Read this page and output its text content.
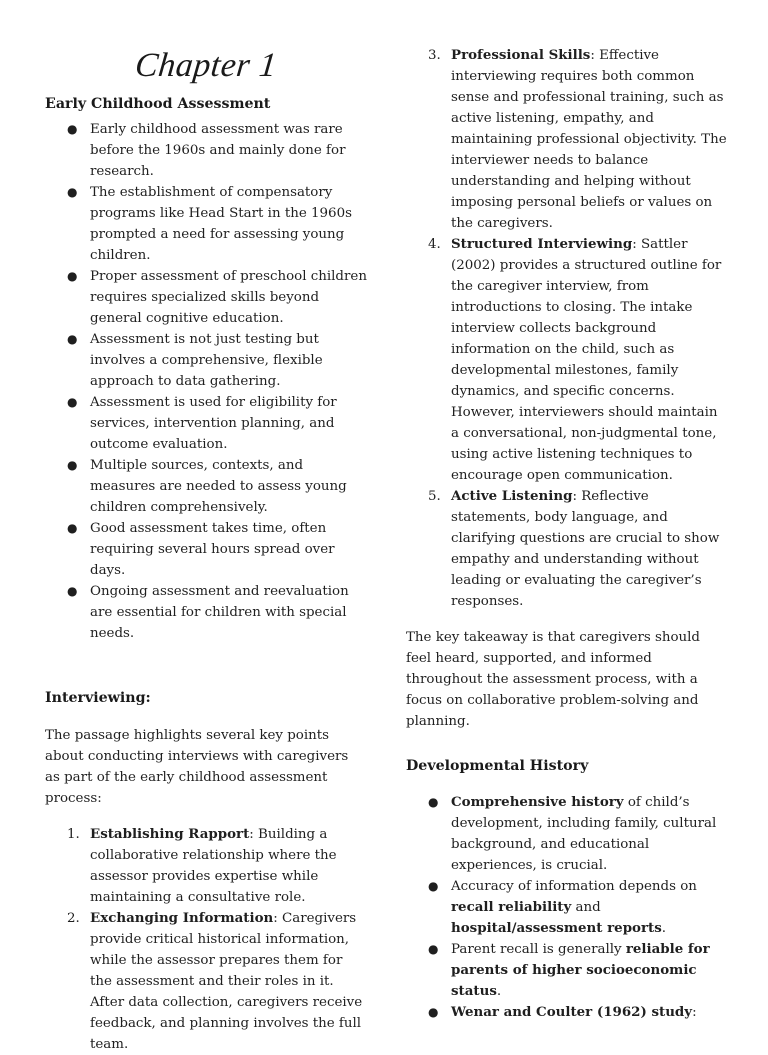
Chapter 1
Early Childhood Assessment
● Early childhood assessment was rare before the 1960s and mainly done for research.
● The establishment of compensatory programs like Head Start in the 1960s prompted a need for assessing young children.
● Proper assessment of preschool children requires specialized skills beyond general cognitive education.
● Assessment is not just testing but involves a comprehensive, flexible approach to data gathering.
● Assessment is used for eligibility for services, intervention planning, and outcome evaluation.
● Multiple sources, contexts, and measures are needed to assess young children comprehensively.
● Good assessment takes time, often requiring several hours spread over days.
● Ongoing assessment and reevaluation are essential for children with special needs.
Interviewing:

The passage highlights several key points about conducting interviews with caregivers as part of the early childhood assessment process:

1. Establishing Rapport: Building a collaborative relationship where the assessor provides expertise while maintaining a consultative role.
2. Exchanging Information: Caregivers provide critical historical information, while the assessor prepares them for the assessment and their roles in it. After data collection, caregivers receive feedback, and planning involves the full team.
3. Professional Skills: Effective interviewing requires both common sense and professional training, such as active listening, empathy, and maintaining professional objectivity. The interviewer needs to balance understanding and helping without imposing personal beliefs or values on the caregivers.
4. Structured Interviewing: Sattler (2002) provides a structured outline for the caregiver interview, from introductions to closing. The intake interview collects background information on the child, such as developmental milestones, family dynamics, and specific concerns. However, interviewers should maintain a conversational, non-judgmental tone, using active listening techniques to encourage open communication.
5. Active Listening: Reflective statements, body language, and clarifying questions are crucial to show empathy and understanding without leading or evaluating the caregiver’s responses.

The key takeaway is that caregivers should feel heard, supported, and informed throughout the assessment process, with a focus on collaborative problem-solving and planning.

Developmental History
● Comprehensive history of child’s development, including family, cultural background, and educational experiences, is crucial.
● Accuracy of information depends on recall reliability and hospital/assessment reports.
● Parent recall is generally reliable for parents of higher socioeconomic status.
● Wenar and Coulter (1962) study:
